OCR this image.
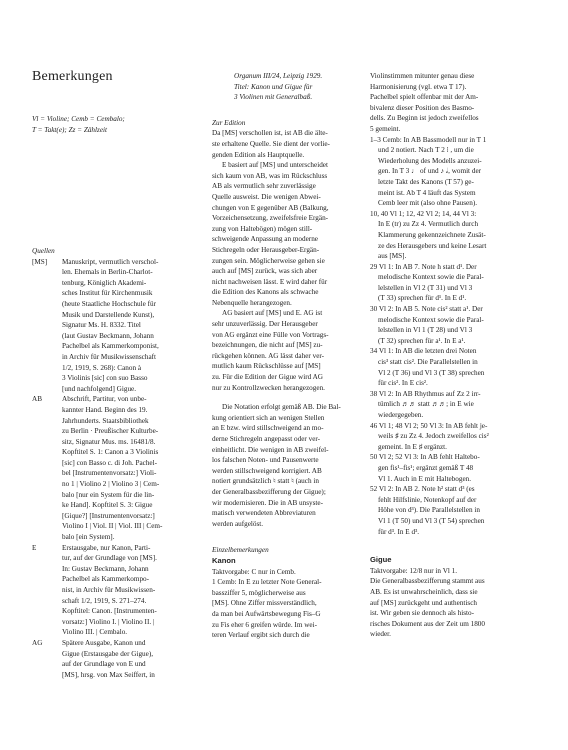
Bemerkungen

Vl = Violine; Cemb = Cembalo;

T = Takt(e); Zz = Zählzeit

Quellen

[MS] Manuskript, vermutlich verschol-
len. Ehemals in Berlin-Charlot-
tenburg, Königlich Akademi-
sches Institut für Kirchenmusik
(heute Staatliche Hochschule für
Musik und Darstellende Kunst),
Signatur Ms. H. 8332. Titel
(laut Gustav Beckmann, Johann
Pachelbel als Kammerkomponist,
in Archiv für Musikwissenschaft
1/2, 1919, S. 268): Canon à
3 Violinis [sic] con suo Basso
[und nachfolgend] Gigue.
AB	Abschrift, Partitur, von unbe-
kannter Hand. Beginn des 19.
Jahrhunderts. Staatsbibliothek
zu Berlin · Preußischer Kulturbe-
sitz, Signatur Mus. ms. 16481/8.
Kopftitel S. 1: Canon a 3 Violinis
[sic] con Basso c. di Joh. Pachel-
bel [Instrumentenvorsatz:] Violi-
no 1 | Violino 2 | Violino 3 | Cem-
balo [nur ein System für die lin-
ke Hand]. Kopftitel S. 3: Gigue
[Gique?] [Instrumentenvorsatz:]
Violino I | Viol. II | Viol. III | Cem-
balo [ein System].
E	Erstausgabe, nur Kanon, Parti-
tur, auf der Grundlage von [MS].
In: Gustav Beckmann, Johann
Pachelbel als Kammerkompo-
nist, in Archiv für Musikwissen-
schaft 1/2, 1919, S. 271–274.
Kopftitel: Canon. [Instrumenten-
vorsatz:] Violino I. | Violino II. |
Violino III. | Cembalo.
AG	Spätere Ausgabe, Kanon und
Gigue (Erstausgabe der Gigue),
auf der Grundlage von E und
[MS], hrsg. von Max Seiffert, in

Organum III/24, Leipzig 1929.

Titel: Kanon und Gigue für

3 Violinen mit Generalbaß.

Zur Edition

Da [MS] verschollen ist, ist AB die älte-
ste erhaltene Quelle. Sie dient der vorlie-
genden Edition als Hauptquelle.
E basiert auf [MS] und unterscheidet
sich kaum von AB, was im Rückschluss
AB als vermutlich sehr zuverlässige
Quelle ausweist. Die wenigen Abwei-
chungen von E gegenüber AB (Balkung,
Vorzeichensetzung, zweifelsfreie Ergän-
zung von Haltebögen) mögen still-
schweigende Anpassung an moderne
Stichregeln oder Herausgeber-Ergän-
zungen sein. Möglicherweise gehen sie
auch auf [MS] zurück, was sich aber
nicht nachweisen lässt. E wird daher für
die Edition des Kanons als schwache
Nebenquelle herangezogen.
AG basiert auf [MS] und E. AG ist
sehr unzuverlässig. Der Herausgeber
von AG ergänzt eine Fülle von Vortrags-
bezeichnungen, die nicht auf [MS] zu-
rückgehen können. AG lässt daher ver-
mutlich kaum Rückschlüsse auf [MS]
zu. Für die Edition der Gigue wird AG
nur zu Kontrollzwecken herangezogen.
Die Notation erfolgt gemäß AB. Die Bal-
kung orientiert sich an wenigen Stellen
an E bzw. wird stillschweigend an mo-
derne Stichregeln angepasst oder ver-
einheitlicht. Die wenigen in AB zweifel-
los falschen Noten- und Pausenwerte
werden stillschweigend korrigiert. AB
notiert grundsätzlich ♮ statt ♮ (auch in
der Generalbassbezifferung der Gigue);
wir modernisieren. Die in AB unsyste-
matisch verwendeten Abbreviaturen
werden aufgelöst.

Einzelbemerkungen

Kanon

Taktvorgabe: C nur in Cemb.
1 Cemb: In E zu letzter Note General-
bassziffer 5, möglicherweise aus
[MS]. Ohne Ziffer missverständlich,
da man bei Aufwärtsbewegung Fis–G
zu Fis eher 6 greifen würde. Im wei-
teren Verlauf ergibt sich durch die
Violinstimmen mitunter genau diese
Harmonisierung (vgl. etwa T 17).
Pachelbel spielt offenbar mit der Am-
bivalenz dieser Position des Basmo-
dells. Zu Beginn ist jedoch zweifellos
5 gemeint.
1–3 Cemb: In AB Bassmodell nur in T 1
und 2 notiert. Nach T 2 ⁞ , um die
Wiederholung des Modells anzuzei-
gen. In T 3 ♩ of und ♪ 𝅗𝅥, womit der
letzte Takt des Kanons (T 57) ge-
meint ist. Ab T 4 läuft das System
Cemb leer mit (also ohne Pausen).
10, 40 Vl 1; 12, 42 Vl 2; 14, 44 Vl 3:
In E (tr) zu Zz 4. Vermutlich durch
Klammerung gekennzeichnete Zusät-
ze des Herausgebers und keine Lesart
aus [MS].
29 Vl 1: In AB 7. Note h statt d¹. Der
melodische Kontext sowie die Paral-
lelstellen in Vl 2 (T 31) und Vl 3
(T 33) sprechen für d¹. In E d¹.
30 Vl 2: In AB 5. Note cis² statt a¹. Der
melodische Kontext sowie die Paral-
lelstellen in Vl 1 (T 28) und Vl 3
(T 32) sprechen für a¹. In E a¹.
34 Vl 1: In AB die letzten drei Noten
cis³ statt cis². Die Parallelstellen in
Vl 2 (T 36) und Vl 3 (T 38) sprechen
für cis². In E cis².
38 Vl 2: In AB Rhythmus auf Zz 2 irr-
tümlich ♬♬ statt ♬♬; in E wie
wiedergegeben.
46 Vl 1; 48 Vl 2; 50 Vl 3: In AB fehlt je-
weils ♯ zu Zz 4. Jedoch zweifellos cis²
gemeint. In E ♯ ergänzt.
50 Vl 2; 52 Vl 3: In AB fehlt Haltebo-
gen fis¹–fis¹; ergänzt gemäß T 48
Vl 1. Auch in E mit Haltebogen.
52 Vl 2: In AB 2. Note h² statt d³ (es
fehlt Hilfslinie, Notenkopf auf der
Höhe von d³). Die Parallelstellen in
Vl 1 (T 50) und Vl 3 (T 54) sprechen
für d³. In E d³.

Gigue

Taktvorgabe: 12/8 nur in Vl 1.
Die Generalbassbezifferung stammt aus
AB. Es ist unwahrscheinlich, dass sie
auf [MS] zurückgeht und authentisch
ist. Wir geben sie dennoch als histo-
risches Dokument aus der Zeit um 1800
wieder.
